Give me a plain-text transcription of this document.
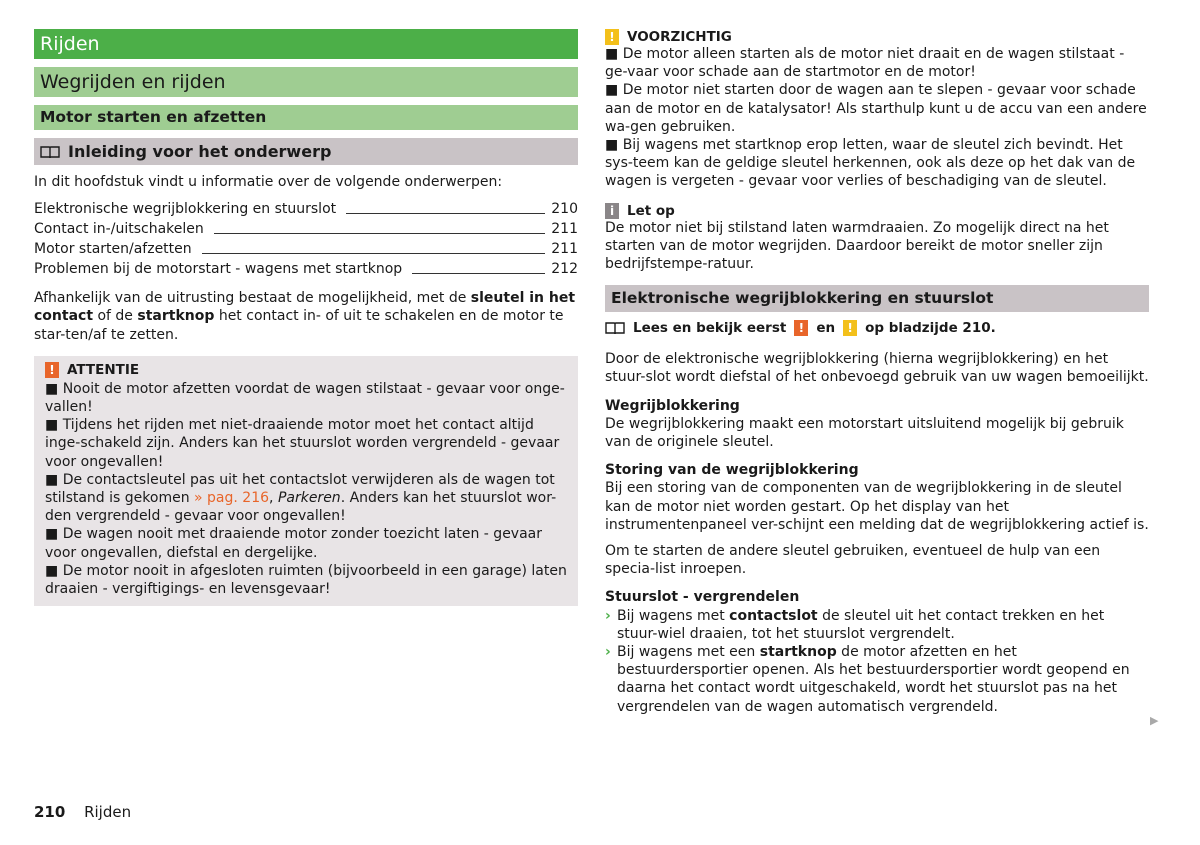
Rijden
Wegrijden en rijden
Motor starten en afzetten
Inleiding voor het onderwerp

In dit hoofdstuk vindt u informatie over de volgende onderwerpen:

Elektronische wegrijblokkering en stuurslot	210
Contact in-/uitschakelen	211
Motor starten/afzetten	211
Problemen bij de motorstart - wagens met startknop	212

Afhankelijk van de uitrusting bestaat de mogelijkheid, met de sleutel in het contact of de startknop het contact in- of uit te schakelen en de motor te star-ten/af te zetten.

! ATTENTIE

■ Nooit de motor afzetten voordat de wagen stilstaat - gevaar voor onge-vallen!

■ Tijdens het rijden met niet-draaiende motor moet het contact altijd inge-schakeld zijn. Anders kan het stuurslot worden vergrendeld - gevaar voor ongevallen!

■ De contactsleutel pas uit het contactslot verwijderen als de wagen tot stilstand is gekomen » pag. 216, Parkeren. Anders kan het stuurslot wor-den vergrendeld - gevaar voor ongevallen!

■ De wagen nooit met draaiende motor zonder toezicht laten - gevaar voor ongevallen, diefstal en dergelijke.

■ De motor nooit in afgesloten ruimten (bijvoorbeeld in een garage) laten draaien - vergiftigings- en levensgevaar!

! VOORZICHTIG

■ De motor alleen starten als de motor niet draait en de wagen stilstaat - ge-vaar voor schade aan de startmotor en de motor!

■ De motor niet starten door de wagen aan te slepen - gevaar voor schade aan de motor en de katalysator! Als starthulp kunt u de accu van een andere wa-gen gebruiken.

■ Bij wagens met startknop erop letten, waar de sleutel zich bevindt. Het sys-teem kan de geldige sleutel herkennen, ook als deze op het dak van de wagen is vergeten - gevaar voor verlies of beschadiging van de sleutel.

i Let op

De motor niet bij stilstand laten warmdraaien. Zo mogelijk direct na het starten van de motor wegrijden. Daardoor bereikt de motor sneller zijn bedrijfstempe-ratuur.

Elektronische wegrijblokkering en stuurslot
Lees en bekijk eerst	! en	! op bladzijde 210.

Door de elektronische wegrijblokkering (hierna wegrijblokkering) en het stuur-slot wordt diefstal of het onbevoegd gebruik van uw wagen bemoeilijkt.

Wegrijblokkering

De wegrijblokkering maakt een motorstart uitsluitend mogelijk bij gebruik van de originele sleutel.

Storing van de wegrijblokkering

Bij een storing van de componenten van de wegrijblokkering in de sleutel kan de motor niet worden gestart. Op het display van het instrumentenpaneel ver-schijnt een melding dat de wegrijblokkering actief is.

Om te starten de andere sleutel gebruiken, eventueel de hulp van een specia-list inroepen.

Stuurslot - vergrendelen

› Bij wagens met contactslot de sleutel uit het contact trekken en het stuur-wiel draaien, tot het stuurslot vergrendelt.
› Bij wagens met een startknop de motor afzetten en het bestuurdersportier openen. Als het bestuurdersportier wordt geopend en daarna het contact wordt uitgeschakeld, wordt het stuurslot pas na het vergrendelen van de wagen automatisch vergrendeld.
▶
210 Rijden
